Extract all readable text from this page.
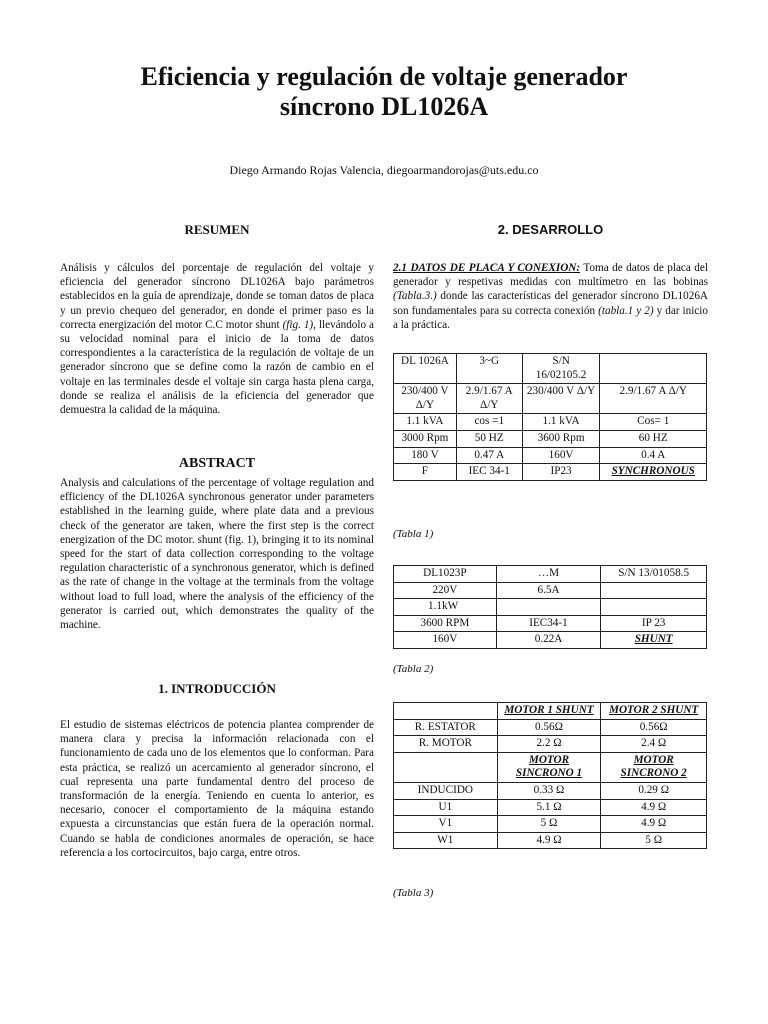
Eficiencia y regulación de voltaje generador
síncrono DL1026A
Diego Armando Rojas Valencia, diegoarmandorojas@uts.edu.co
RESUMEN
Análisis y cálculos del porcentaje de regulación del voltaje y eficiencia del generador síncrono DL1026A bajo parámetros establecidos en la guía de aprendizaje, donde se toman datos de placa y un previo chequeo del generador, en donde el primer paso es la correcta energización del motor C.C motor shunt (fig. 1), llevándolo a su velocidad nominal para el inicio de la toma de datos correspondientes a la característica de la regulación de voltaje de un generador síncrono que se define como la razón de cambio en el voltaje en las terminales desde el voltaje sin carga hasta plena carga, donde se realiza el análisis de la eficiencia del generador que demuestra la calidad de la máquina.
ABSTRACT
Analysis and calculations of the percentage of voltage regulation and efficiency of the DL1026A synchronous generator under parameters established in the learning guide, where plate data and a previous check of the generator are taken, where the first step is the correct energization of the DC motor. shunt (fig. 1), bringing it to its nominal speed for the start of data collection corresponding to the voltage regulation characteristic of a synchronous generator, which is defined as the rate of change in the voltage at the terminals from the voltage without load to full load, where the analysis of the efficiency of the generator is carried out, which demonstrates the quality of the machine.
1. INTRODUCCIÓN
El estudio de sistemas eléctricos de potencia plantea comprender de manera clara y precisa la información relacionada con el funcionamiento de cada uno de los elementos que lo conforman. Para esta práctica, se realizó un acercamiento al generador síncrono, el cual representa una parte fundamental dentro del proceso de transformación de la energía. Teniendo en cuenta lo anterior, es necesario, conocer el comportamiento de la máquina estando expuesta a circunstancias que están fuera de la operación normal. Cuando se habla de condiciones anormales de operación, se hace referencia a los cortocircuitos, bajo carga, entre otros.
2. DESARROLLO
2.1 DATOS DE PLACA Y CONEXION: Toma de datos de placa del generador y respetivas medidas con multímetro en las bobinas (Tabla.3.) donde las características del generador síncrono DL1026A son fundamentales para su correcta conexión (tabla.1 y 2) y dar inicio a la práctica.
DL 1026A	3~G	S/N 16/02105.2	
230/400 V Δ/Y	2.9/1.67 A Δ/Y	230/400 V Δ/Y	2.9/1.67 A Δ/Y
1.1 kVA	cos =1	1.1 kVA	Cos= 1
3000 Rpm	50 HZ	3600 Rpm	60 HZ
180 V	0.47 A	160V	0.4 A
F	IEC 34-1	IP23	SYNCHRONOUS
(Tabla 1)
DL1023P	…M	S/N 13/01058.5
220V	6.5A	
1.1kW		
3600 RPM	IEC34-1	IP 23
160V	0.22A	SHUNT
(Tabla 2)
	MOTOR 1 SHUNT	MOTOR 2 SHUNT
R. ESTATOR	0.56Ω	0.56Ω
R. MOTOR	2.2 Ω	2.4 Ω
	MOTOR SINCRONO 1	MOTOR SINCRONO 2
INDUCIDO	0.33 Ω	0.29 Ω
U1	5.1 Ω	4.9 Ω
V1	5 Ω	4.9 Ω
W1	4.9 Ω	5 Ω
(Tabla 3)
